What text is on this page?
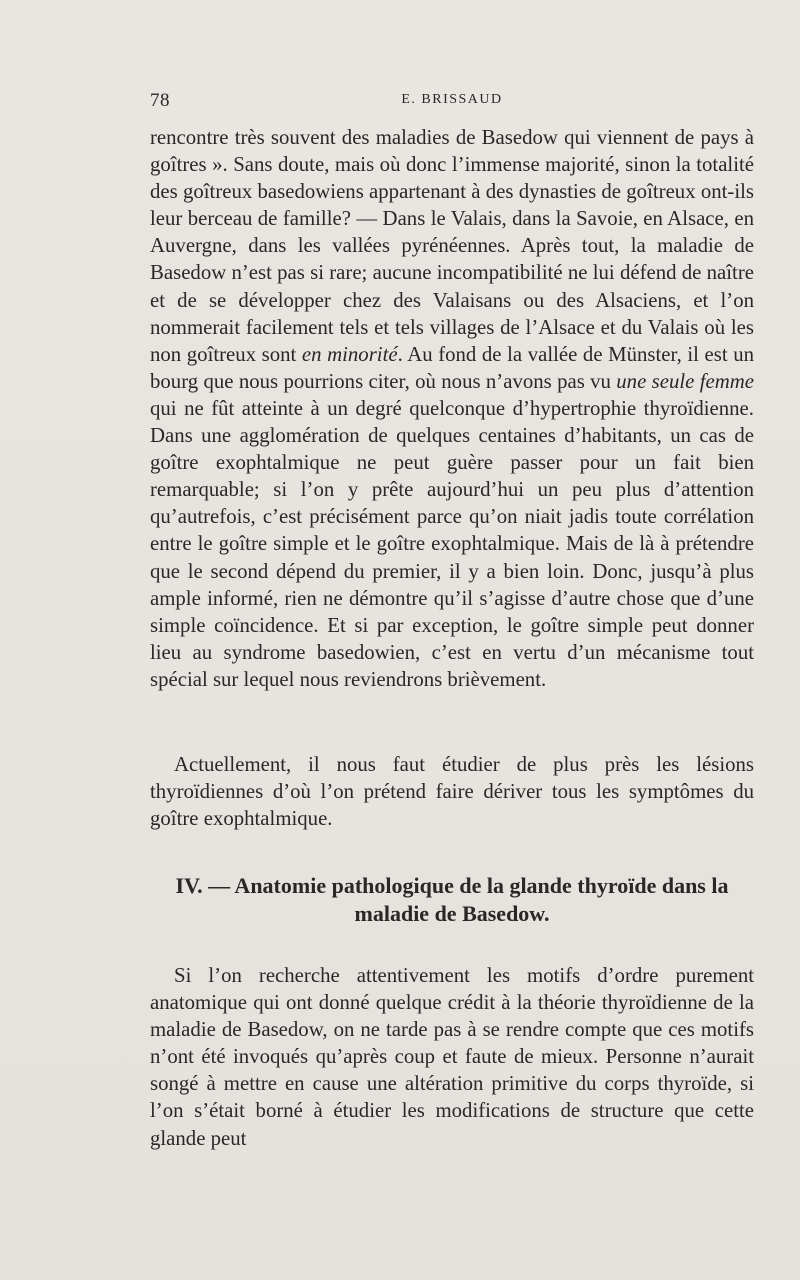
78	E. BRISSAUD

rencontre très souvent des maladies de Basedow qui viennent de pays à goîtres ». Sans doute, mais où donc l’immense majorité, sinon la totalité des goîtreux basedowiens appartenant à des dynasties de goîtreux ont-ils leur berceau de famille? — Dans le Valais, dans la Savoie, en Alsace, en Auvergne, dans les vallées pyrénéennes. Après tout, la maladie de Basedow n’est pas si rare; aucune incompatibilité ne lui défend de naître et de se développer chez des Valaisans ou des Alsaciens, et l’on nommerait facilement tels et tels villages de l’Alsace et du Valais où les non goîtreux sont en minorité. Au fond de la vallée de Münster, il est un bourg que nous pourrions citer, où nous n’avons pas vu une seule femme qui ne fût atteinte à un degré quelconque d’hypertrophie thyroïdienne. Dans une agglomération de quelques centaines d’habitants, un cas de goître exophtalmique ne peut guère passer pour un fait bien remarquable; si l’on y prête aujourd’hui un peu plus d’attention qu’autrefois, c’est précisément parce qu’on niait jadis toute corrélation entre le goître simple et le goître exophtalmique. Mais de là à prétendre que le second dépend du premier, il y a bien loin. Donc, jusqu’à plus ample informé, rien ne démontre qu’il s’agisse d’autre chose que d’une simple coïncidence. Et si par exception, le goître simple peut donner lieu au syndrome basedowien, c’est en vertu d’un mécanisme tout spécial sur lequel nous reviendrons brièvement.

Actuellement, il nous faut étudier de plus près les lésions thyroïdiennes d’où l’on prétend faire dériver tous les symptômes du goître exophtalmique.

IV. — Anatomie pathologique de la glande thyroïde dans la maladie de Basedow.

Si l’on recherche attentivement les motifs d’ordre purement anatomique qui ont donné quelque crédit à la théorie thyroïdienne de la maladie de Basedow, on ne tarde pas à se rendre compte que ces motifs n’ont été invoqués qu’après coup et faute de mieux. Personne n’aurait songé à mettre en cause une altération primitive du corps thyroïde, si l’on s’était borné à étudier les modifications de structure que cette glande peut
